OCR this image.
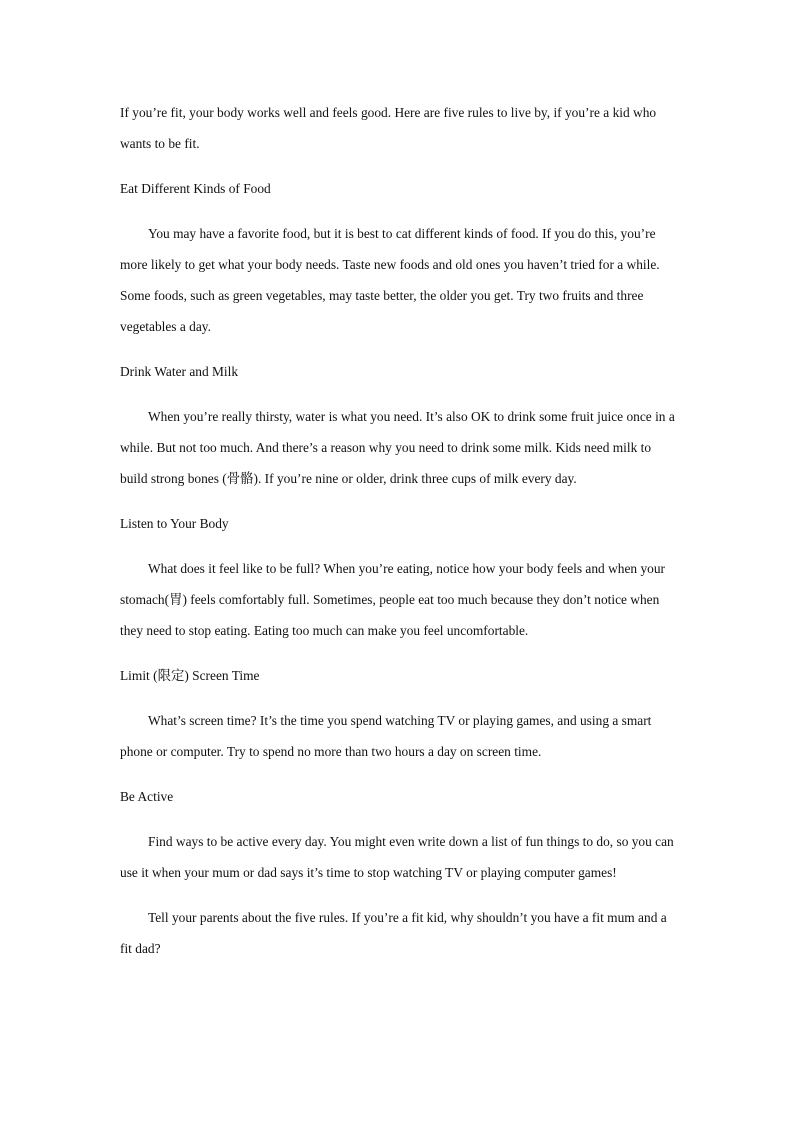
If you’re fit, your body works well and feels good. Here are five rules to live by, if you’re a kid who wants to be fit.

Eat Different Kinds of Food

You may have a favorite food, but it is best to cat different kinds of food. If you do this, you’re more likely to get what your body needs. Taste new foods and old ones you haven’t tried for a while. Some foods, such as green vegetables, may taste better, the older you get. Try two fruits and three vegetables a day.

Drink Water and Milk

When you’re really thirsty, water is what you need. It’s also OK to drink some fruit juice once in a while. But not too much. And there’s a reason why you need to drink some milk. Kids need milk to build strong bones (骨骼). If you’re nine or older, drink three cups of milk every day.

Listen to Your Body

What does it feel like to be full? When you’re eating, notice how your body feels and when your stomach(胃) feels comfortably full. Sometimes, people eat too much because they don’t notice when they need to stop eating. Eating too much can make you feel uncomfortable.

Limit (限定) Screen Time

What’s screen time? It’s the time you spend watching TV or playing games, and using a smart phone or computer. Try to spend no more than two hours a day on screen time.

Be Active

Find ways to be active every day. You might even write down a list of fun things to do, so you can use it when your mum or dad says it’s time to stop watching TV or playing computer games!

Tell your parents about the five rules. If you’re a fit kid, why shouldn’t you have a fit mum and a fit dad?
